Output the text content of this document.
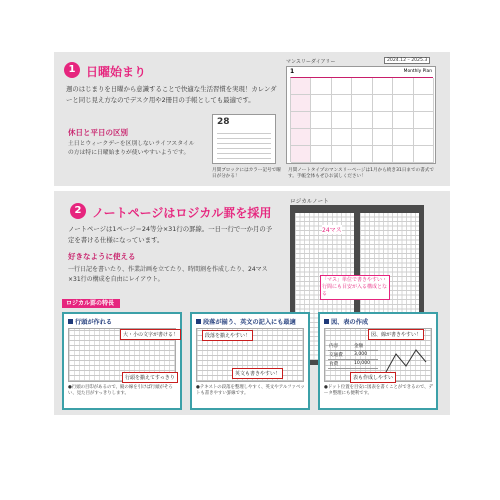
1 日曜始まり
週のはじまりを日曜から意識することで快適な生活習慣を実現！カレンダーと同じ見え方なのでデスク用や2冊目の手帳としても最適です。
休日と平日の区別
土日とウィークデーを区別しないライフスタイルの方は特に日曜始まりが使いやすいようです。
28
月間ブロックにはカラー記号で曜日が分かる！
マンスリーダイアリー	2024.12 – 2025.3
1	Monthly Plan
月間ノートタイプのマンスリーページは1月から続き31日までの書式です。手帳全体もぜひお試しください！
2 ノートページはロジカル罫を採用
ノートページは1ページ＝24等分×31行の罫線。一日一行で一か月の予定を書ける仕様になっています。
好きなように使える
一行日記を書いたり、作業計画を立てたり、時間割を作成したり、24マス×31行の構成を自由にレイアウト。
ロジカルノート
24マス
「マス」単位で書きやすい・行間にも目安が入る構成となる
ロジカル罫の特長
行頭が作れる
大・小の文字が書ける！
行頭を揃えてすっきり
●行頭の目印があるので、縦の線を引けば行頭がそろい、見た目がすっきりします。
段落が揃う、英文の記入にも最適
段落を揃えやすい！
英文も書きやすい！
●テキストの段落を整理しやすく、英文やアルファベットも書きやすい罫線です。
図、表の作成
図、線が書きやすい！
内容	金額
交通費	3,000
食費	10,000
表も作成しやすい
●ドット位置を目安に図表を書くことができるので、データ整理にも便利です。
